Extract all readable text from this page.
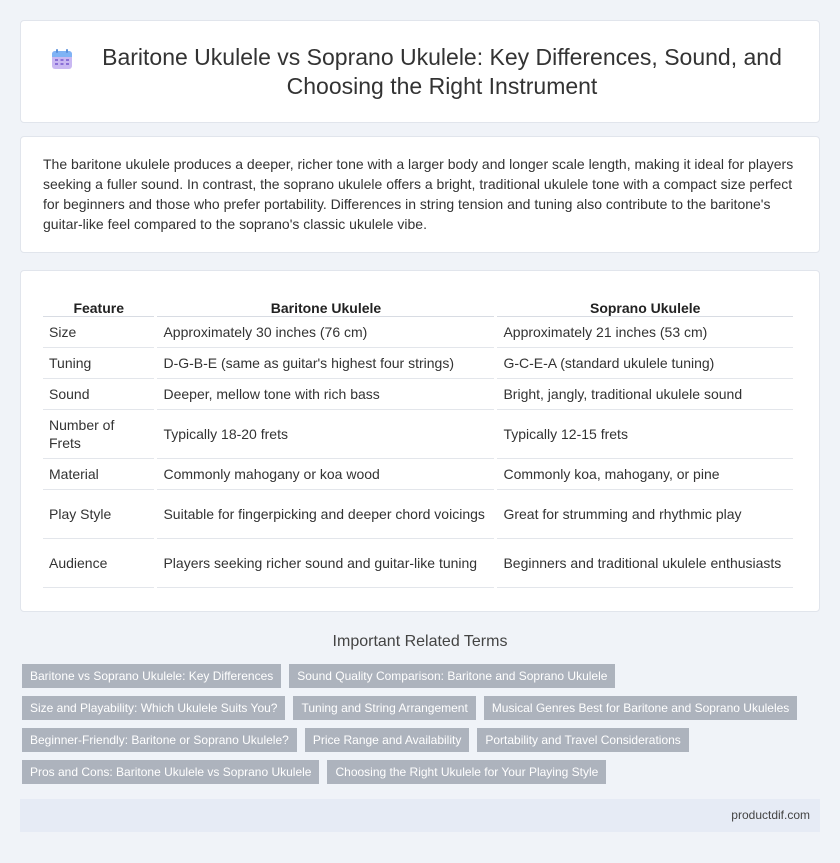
Baritone Ukulele vs Soprano Ukulele: Key Differences, Sound, and Choosing the Right Instrument

The baritone ukulele produces a deeper, richer tone with a larger body and longer scale length, making it ideal for players seeking a fuller sound. In contrast, the soprano ukulele offers a bright, traditional ukulele tone with a compact size perfect for beginners and those who prefer portability. Differences in string tension and tuning also contribute to the baritone's guitar-like feel compared to the soprano's classic ukulele vibe.

Feature	Baritone Ukulele	Soprano Ukulele
Size	Approximately 30 inches (76 cm)	Approximately 21 inches (53 cm)
Tuning	D-G-B-E (same as guitar's highest four strings)	G-C-E-A (standard ukulele tuning)
Sound	Deeper, mellow tone with rich bass	Bright, jangly, traditional ukulele sound
Number of Frets	Typically 18-20 frets	Typically 12-15 frets
Material	Commonly mahogany or koa wood	Commonly koa, mahogany, or pine
Play Style	Suitable for fingerpicking and deeper chord voicings	Great for strumming and rhythmic play
Audience	Players seeking richer sound and guitar-like tuning	Beginners and traditional ukulele enthusiasts
Important Related Terms
Baritone vs Soprano Ukulele: Key Differences	Sound Quality Comparison: Baritone and Soprano Ukulele
Size and Playability: Which Ukulele Suits You?	Tuning and String Arrangement	Musical Genres Best for Baritone and Soprano Ukuleles
Beginner-Friendly: Baritone or Soprano Ukulele?	Price Range and Availability	Portability and Travel Considerations
Pros and Cons: Baritone Ukulele vs Soprano Ukulele	Choosing the Right Ukulele for Your Playing Style
productdif.com
